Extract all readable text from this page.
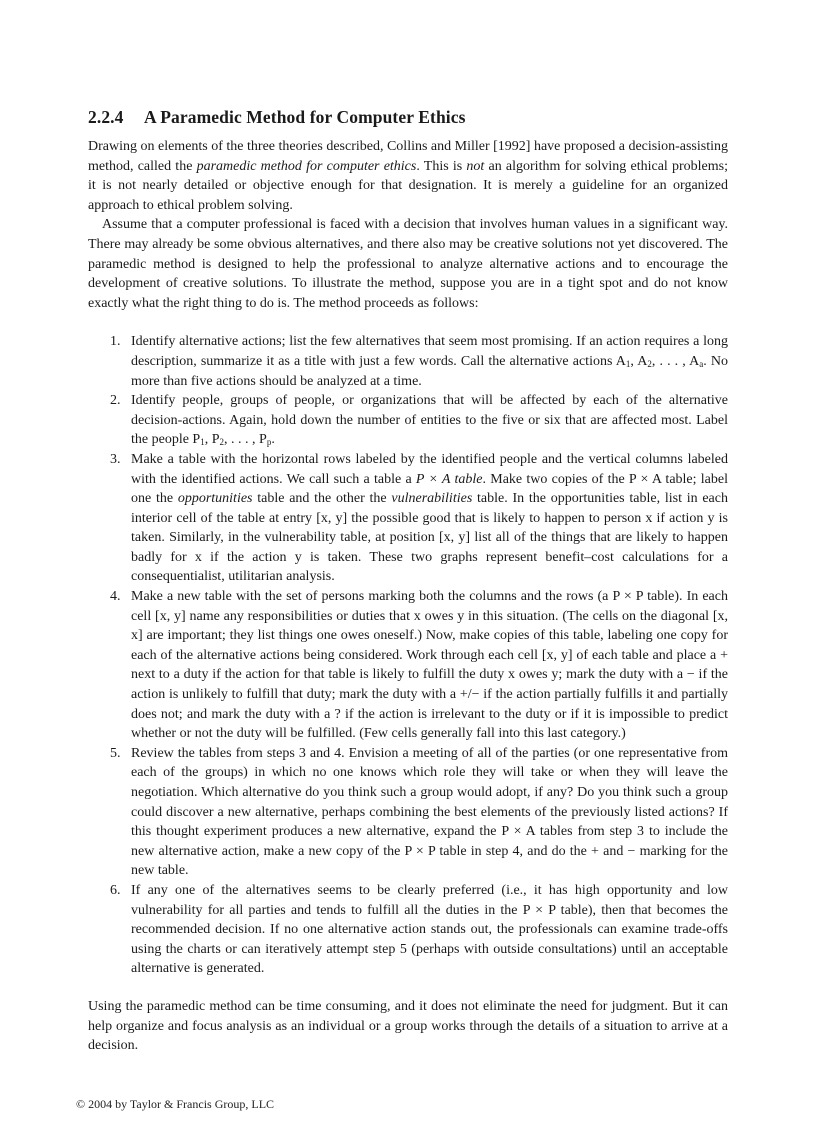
2.2.4 A Paramedic Method for Computer Ethics

Drawing on elements of the three theories described, Collins and Miller [1992] have proposed a decision-assisting method, called the paramedic method for computer ethics. This is not an algorithm for solving ethical problems; it is not nearly detailed or objective enough for that designation. It is merely a guideline for an organized approach to ethical problem solving.

Assume that a computer professional is faced with a decision that involves human values in a significant way. There may already be some obvious alternatives, and there also may be creative solutions not yet discovered. The paramedic method is designed to help the professional to analyze alternative actions and to encourage the development of creative solutions. To illustrate the method, suppose you are in a tight spot and do not know exactly what the right thing to do is. The method proceeds as follows:

1. Identify alternative actions; list the few alternatives that seem most promising. If an action requires a long description, summarize it as a title with just a few words. Call the alternative actions $A_1$, $A_2$, . . . , $A_a$. No more than five actions should be analyzed at a time.
2. Identify people, groups of people, or organizations that will be affected by each of the alternative decision-actions. Again, hold down the number of entities to the five or six that are affected most. Label the people $P_1$, $P_2$, . . . , $P_p$.
3. Make a table with the horizontal rows labeled by the identified people and the vertical columns labeled with the identified actions. We call such a table a P × A table. Make two copies of the P × A table; label one the opportunities table and the other the vulnerabilities table. In the opportunities table, list in each interior cell of the table at entry [x, y] the possible good that is likely to happen to person x if action y is taken. Similarly, in the vulnerability table, at position [x, y] list all of the things that are likely to happen badly for x if the action y is taken. These two graphs represent benefit–cost calculations for a consequentialist, utilitarian analysis.
4. Make a new table with the set of persons marking both the columns and the rows (a P × P table). In each cell [x, y] name any responsibilities or duties that x owes y in this situation. (The cells on the diagonal [x, x] are important; they list things one owes oneself.) Now, make copies of this table, labeling one copy for each of the alternative actions being considered. Work through each cell [x, y] of each table and place a + next to a duty if the action for that table is likely to fulfill the duty x owes y; mark the duty with a − if the action is unlikely to fulfill that duty; mark the duty with a +/− if the action partially fulfills it and partially does not; and mark the duty with a ? if the action is irrelevant to the duty or if it is impossible to predict whether or not the duty will be fulfilled. (Few cells generally fall into this last category.)
5. Review the tables from steps 3 and 4. Envision a meeting of all of the parties (or one representative from each of the groups) in which no one knows which role they will take or when they will leave the negotiation. Which alternative do you think such a group would adopt, if any? Do you think such a group could discover a new alternative, perhaps combining the best elements of the previously listed actions? If this thought experiment produces a new alternative, expand the P × A tables from step 3 to include the new alternative action, make a new copy of the P × P table in step 4, and do the + and − marking for the new table.
6. If any one of the alternatives seems to be clearly preferred (i.e., it has high opportunity and low vulnerability for all parties and tends to fulfill all the duties in the P × P table), then that becomes the recommended decision. If no one alternative action stands out, the professionals can examine trade-offs using the charts or can iteratively attempt step 5 (perhaps with outside consultations) until an acceptable alternative is generated.

Using the paramedic method can be time consuming, and it does not eliminate the need for judgment. But it can help organize and focus analysis as an individual or a group works through the details of a situation to arrive at a decision.

© 2004 by Taylor & Francis Group, LLC
